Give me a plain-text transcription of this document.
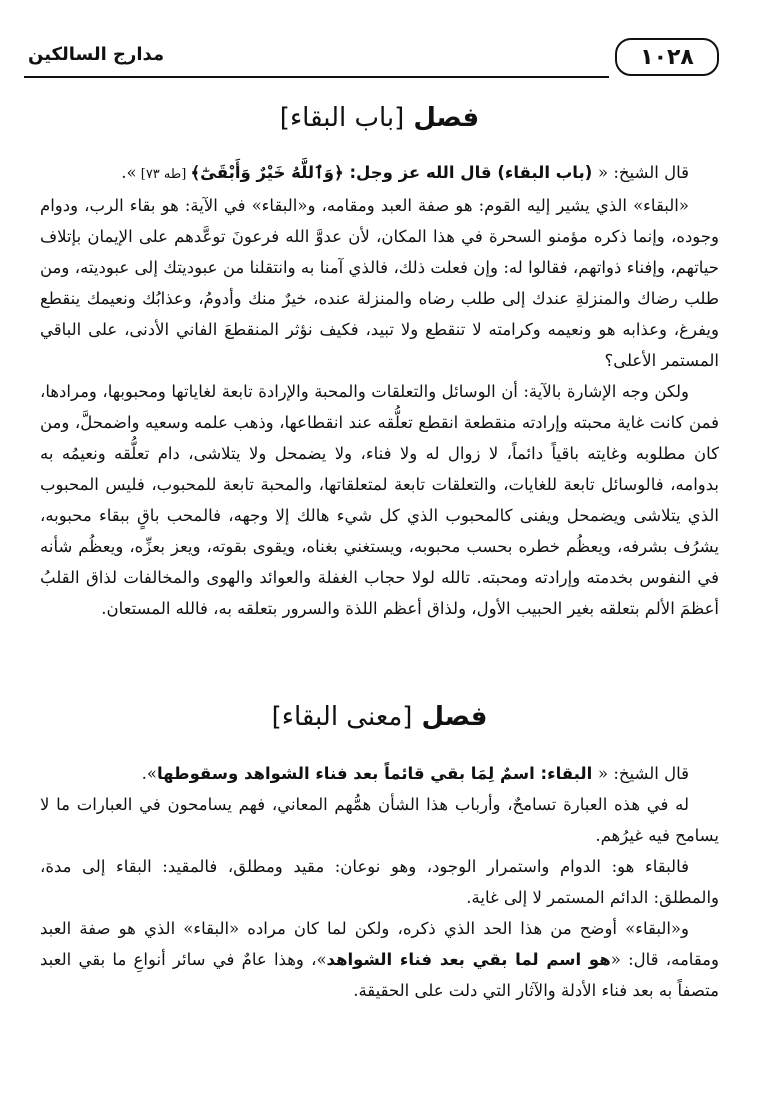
١٠٢٨
مدارج السالكين
فصل [باب البقاء]

قال الشيخ: « (باب البقاء) قال الله عز وجل: ﴿وَٱللَّهُ خَيْرٌ وَأَبْقَىٰٓ﴾ [طه ٧٣] ».

«البقاء» الذي يشير إليه القوم: هو صفة العبد ومقامه، و«البقاء» في الآية: هو بقاء الرب، ودوام وجوده، وإنما ذكره مؤمنو السحرة في هذا المكان، لأن عدوَّ الله فرعونَ توعَّدهم على الإيمان بإتلاف حياتهم، وإفناء ذواتهم، فقالوا له: وإن فعلت ذلك، فالذي آمنا به وانتقلنا من عبوديتك إلى عبوديته، ومن طلب رضاك والمنزلةِ عندك إلى طلب رضاه والمنزلة عنده، خيرٌ منك وأدومُ، وعذابُك ونعيمك ينقطع ويفرغ، وعذابه هو ونعيمه وكرامته لا تنقطع ولا تبيد، فكيف نؤثر المنقطعَ الفاني الأدنى، على الباقي المستمر الأعلى؟

ولكن وجه الإشارة بالآية: أن الوسائل والتعلقات والمحبة والإرادة تابعة لغاياتها ومحبوبها، ومرادها، فمن كانت غاية محبته وإرادته منقطعة انقطع تعلُّقه عند انقطاعها، وذهب علمه وسعيه واضمحلَّ، ومن كان مطلوبه وغايته باقياً دائماً، لا زوال له ولا فناء، ولا يضمحل ولا يتلاشى، دام تعلُّقه ونعيمُه به بدوامه، فالوسائل تابعة للغايات، والتعلقات تابعة لمتعلقاتها، والمحبة تابعة للمحبوب، فليس المحبوب الذي يتلاشى ويضمحل ويفنى كالمحبوب الذي كل شيء هالك إلا وجهه، فالمحب باقٍ ببقاء محبوبه، يشرُف بشرفه، ويعظُم خطره بحسب محبوبه، ويستغني بغناه، ويقوى بقوته، ويعز بعزِّه، ويعظُم شأنه في النفوس بخدمته وإرادته ومحبته. تالله لولا حجاب الغفلة والعوائد والهوى والمخالفات لذاق القلبُ أعظمَ الألم بتعلقه بغير الحبيب الأول، ولذاق أعظم اللذة والسرور بتعلقه به، فالله المستعان.

فصل [معنى البقاء]

قال الشيخ: « البقاء: اسمٌ لِمَا بقي قائماً بعد فناء الشواهد وسقوطها».

له في هذه العبارة تسامحٌ، وأرباب هذا الشأن همُّهم المعاني، فهم يسامحون في العبارات ما لا يسامح فيه غيرُهم.

فالبقاء هو: الدوام واستمرار الوجود، وهو نوعان: مقيد ومطلق، فالمقيد: البقاء إلى مدة، والمطلق: الدائم المستمر لا إلى غاية.

و«البقاء» أوضح من هذا الحد الذي ذكره، ولكن لما كان مراده «البقاء» الذي هو صفة العبد ومقامه، قال: «هو اسم لما بقي بعد فناء الشواهد»، وهذا عامٌ في سائر أنواعِ ما بقي العبد متصفاً به بعد فناء الأدلة والآثار التي دلت على الحقيقة.
